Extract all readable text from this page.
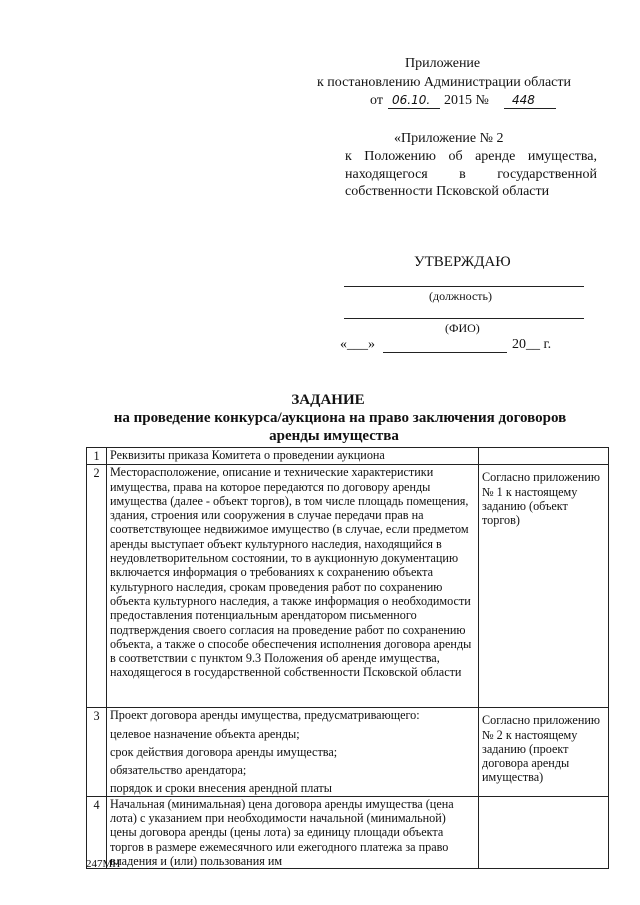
Приложение
к постановлению Администрации области
от 06.10. 2015 № 448
«Приложение № 2
к Положению об аренде имущества,
находящегося в государственной
собственности Псковской области
УТВЕРЖДАЮ
(должность)
(ФИО)
«___»	20__ г.
ЗАДАНИЕ
на проведение конкурса/аукциона на право заключения договоров
аренды имущества
1	Реквизиты приказа Комитета о проведении аукциона	

2	Месторасположение, описание и технические характеристики имущества, права на которое передаются по договору аренды имущества (далее - объект торгов), в том числе площадь помещения, здания, строения или сооружения в случае передачи прав на соответствующее недвижимое имущество (в случае, если предметом аренды выступает объект культурного наследия, находящийся в неудовлетворительном состоянии, то в аукционную документацию включается информация о требованиях к сохранению объекта культурного наследия, срокам проведения работ по сохранению объекта культурного наследия, а также информация о необходимости предоставления потенциальным арендатором письменного подтверждения своего согласия на проведение работ по сохранению объекта, а также о способе обеспечения исполнения договора аренды в соответствии с пунктом 9.3 Положения об аренде имущества, находящегося в государственной собственности Псковской области	Согласно приложению № 1 к настоящему заданию (объект торгов)

3	Проект договора аренды имущества, предусматривающего:
целевое назначение объекта аренды;
срок действия договора аренды имущества;
обязательство арендатора;
порядок и сроки внесения арендной платы	Согласно приложению № 2 к настоящему заданию (проект договора аренды имущества)

4	Начальная (минимальная) цена договора аренды имущества (цена лота) с указанием при необходимости начальной (минимальной) цены договора аренды (цены лота) за единицу площади объекта торгов в размере ежемесячного или ежегодного платежа за право владения и (или) пользования им	

247МН
